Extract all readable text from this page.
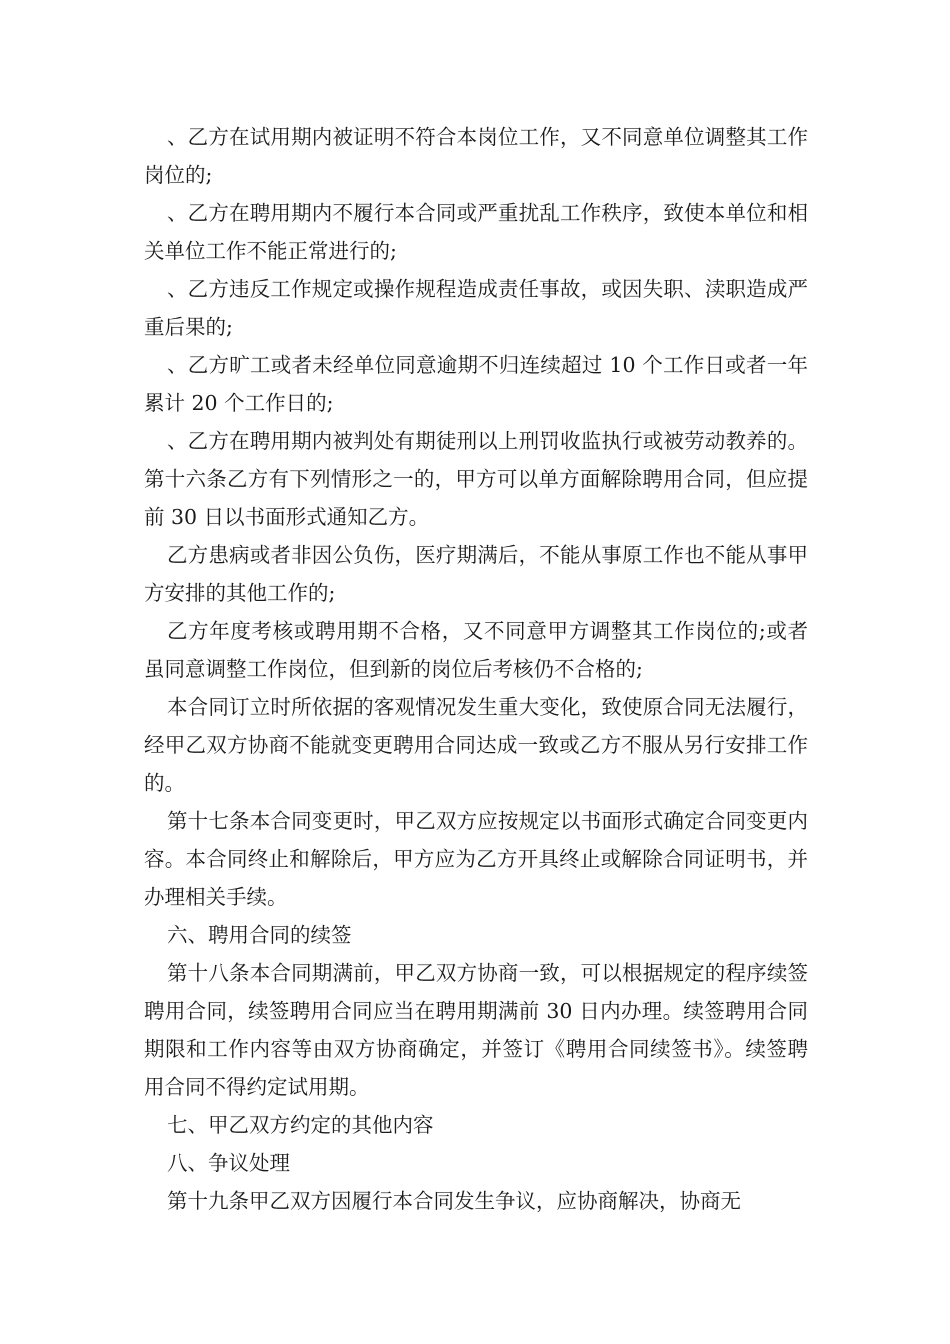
、乙方在试用期内被证明不符合本岗位工作，又不同意单位调整其工作岗位的;

、乙方在聘用期内不履行本合同或严重扰乱工作秩序，致使本单位和相关单位工作不能正常进行的;

、乙方违反工作规定或操作规程造成责任事故，或因失职、渎职造成严重后果的;

、乙方旷工或者未经单位同意逾期不归连续超过 10 个工作日或者一年累计 20 个工作日的;

、乙方在聘用期内被判处有期徒刑以上刑罚收监执行或被劳动教养的。第十六条乙方有下列情形之一的，甲方可以单方面解除聘用合同，但应提前 30 日以书面形式通知乙方。

乙方患病或者非因公负伤，医疗期满后，不能从事原工作也不能从事甲方安排的其他工作的;

乙方年度考核或聘用期不合格，又不同意甲方调整其工作岗位的;或者虽同意调整工作岗位，但到新的岗位后考核仍不合格的;

本合同订立时所依据的客观情况发生重大变化，致使原合同无法履行，经甲乙双方协商不能就变更聘用合同达成一致或乙方不服从另行安排工作的。

第十七条本合同变更时，甲乙双方应按规定以书面形式确定合同变更内容。本合同终止和解除后，甲方应为乙方开具终止或解除合同证明书，并办理相关手续。

六、聘用合同的续签

第十八条本合同期满前，甲乙双方协商一致，可以根据规定的程序续签聘用合同，续签聘用合同应当在聘用期满前 30 日内办理。续签聘用合同期限和工作内容等由双方协商确定，并签订《聘用合同续签书》。续签聘用合同不得约定试用期。

七、甲乙双方约定的其他内容

八、争议处理

第十九条甲乙双方因履行本合同发生争议，应协商解决，协商无
